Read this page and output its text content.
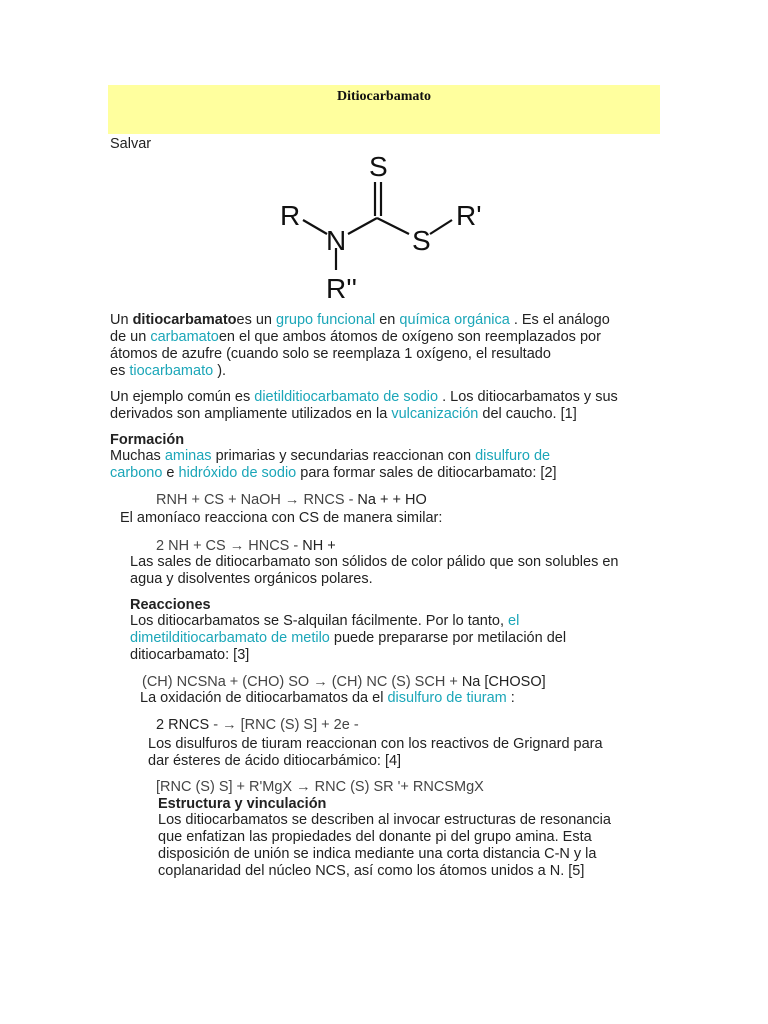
Ditiocarbamato
Salvar
S
R
N S
R'
R''
Un ditiocarbamatoes un grupo funcional en química orgánica . Es el análogo
de un carbamatoen el que ambos átomos de oxígeno son reemplazados por
átomos de azufre (cuando solo se reemplaza 1 oxígeno, el resultado
es tiocarbamato ).
Un ejemplo común es dietilditiocarbamato de sodio . Los ditiocarbamatos y sus
derivados son ampliamente utilizados en la vulcanización del caucho. [1]
Formación
Muchas aminas primarias y secundarias reaccionan con disulfuro de
carbono e hidróxido de sodio para formar sales de ditiocarbamato: [2]
RNH + CS + NaOH → RNCS - Na + + HO
El amoníaco reacciona con CS de manera similar:
2 NH + CS → HNCS - NH +
Las sales de ditiocarbamato son sólidos de color pálido que son solubles en
agua y disolventes orgánicos polares.
Reacciones
Los ditiocarbamatos se S-alquilan fácilmente. Por lo tanto, el
dimetilditiocarbamato de metilo puede prepararse por metilación del
ditiocarbamato: [3]
(CH) NCSNa + (CHO) SO → (CH) NC (S) SCH + Na [CHOSO]
La oxidación de ditiocarbamatos da el disulfuro de tiuram :
2 RNCS - → [RNC (S) S] + 2e -
Los disulfuros de tiuram reaccionan con los reactivos de Grignard para
dar ésteres de ácido ditiocarbámico: [4]
[RNC (S) S] + R'MgX → RNC (S) SR '+ RNCSMgX
Estructura y vinculación
Los ditiocarbamatos se describen al invocar estructuras de resonancia
que enfatizan las propiedades del donante pi del grupo amina. Esta
disposición de unión se indica mediante una corta distancia C-N y la
coplanaridad del núcleo NCS, así como los átomos unidos a N. [5]
